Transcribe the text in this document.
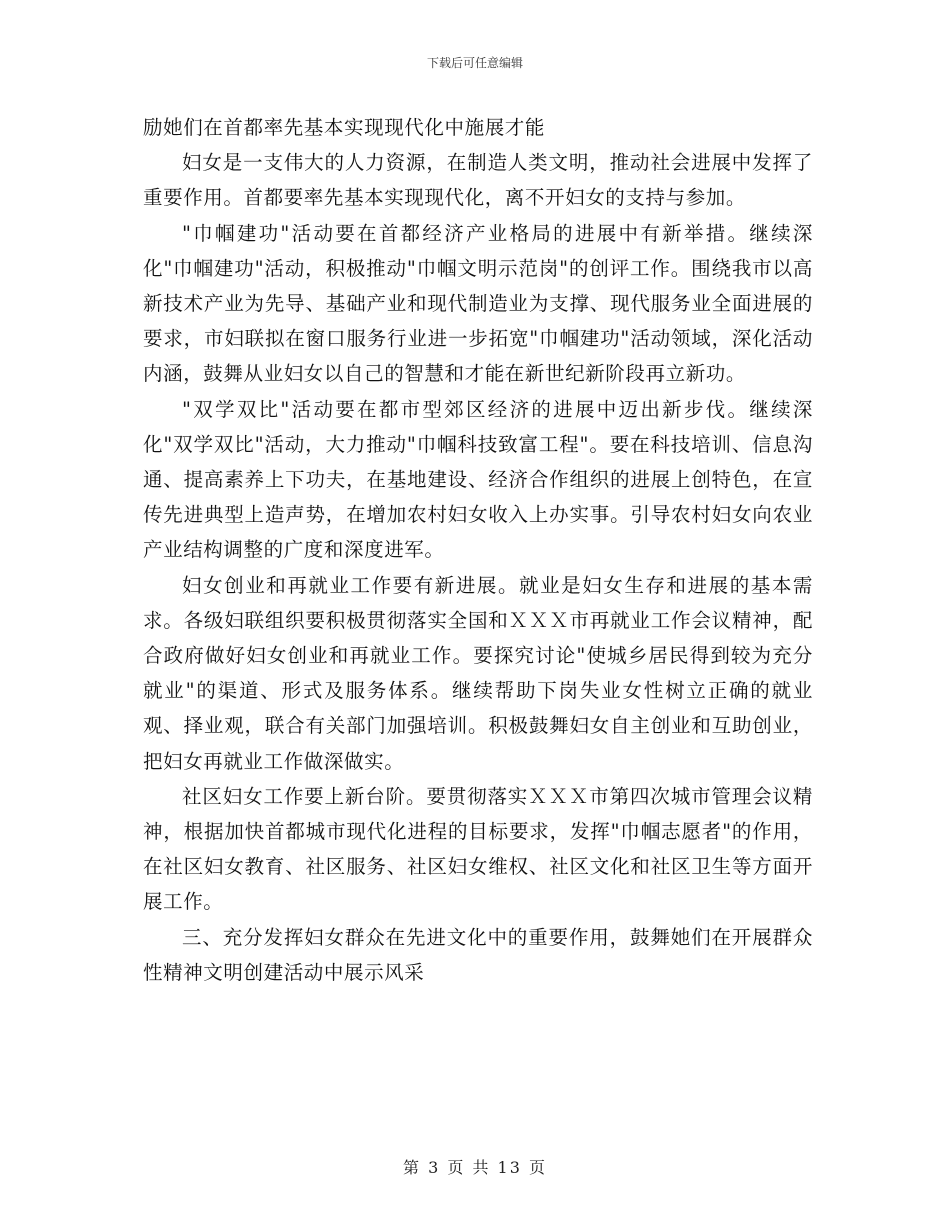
下载后可任意编辑

励她们在首都率先基本实现现代化中施展才能

妇女是一支伟大的人力资源，在制造人类文明，推动社会进展中发挥了重要作用。首都要率先基本实现现代化，离不开妇女的支持与参加。

"巾帼建功"活动要在首都经济产业格局的进展中有新举措。继续深化"巾帼建功"活动，积极推动"巾帼文明示范岗"的创评工作。围绕我市以高新技术产业为先导、基础产业和现代制造业为支撑、现代服务业全面进展的要求，市妇联拟在窗口服务行业进一步拓宽"巾帼建功"活动领域，深化活动内涵，鼓舞从业妇女以自己的智慧和才能在新世纪新阶段再立新功。

"双学双比"活动要在都市型郊区经济的进展中迈出新步伐。继续深化"双学双比"活动，大力推动"巾帼科技致富工程"。要在科技培训、信息沟通、提高素养上下功夫，在基地建设、经济合作组织的进展上创特色，在宣传先进典型上造声势，在增加农村妇女收入上办实事。引导农村妇女向农业产业结构调整的广度和深度进军。

妇女创业和再就业工作要有新进展。就业是妇女生存和进展的基本需求。各级妇联组织要积极贯彻落实全国和ＸＸＸ市再就业工作会议精神，配合政府做好妇女创业和再就业工作。要探究讨论"使城乡居民得到较为充分就业"的渠道、形式及服务体系。继续帮助下岗失业女性树立正确的就业观、择业观，联合有关部门加强培训。积极鼓舞妇女自主创业和互助创业，把妇女再就业工作做深做实。

社区妇女工作要上新台阶。要贯彻落实ＸＸＸ市第四次城市管理会议精神，根据加快首都城市现代化进程的目标要求，发挥"巾帼志愿者"的作用，在社区妇女教育、社区服务、社区妇女维权、社区文化和社区卫生等方面开展工作。

三、充分发挥妇女群众在先进文化中的重要作用，鼓舞她们在开展群众性精神文明创建活动中展示风采

第 3 页 共 13 页
